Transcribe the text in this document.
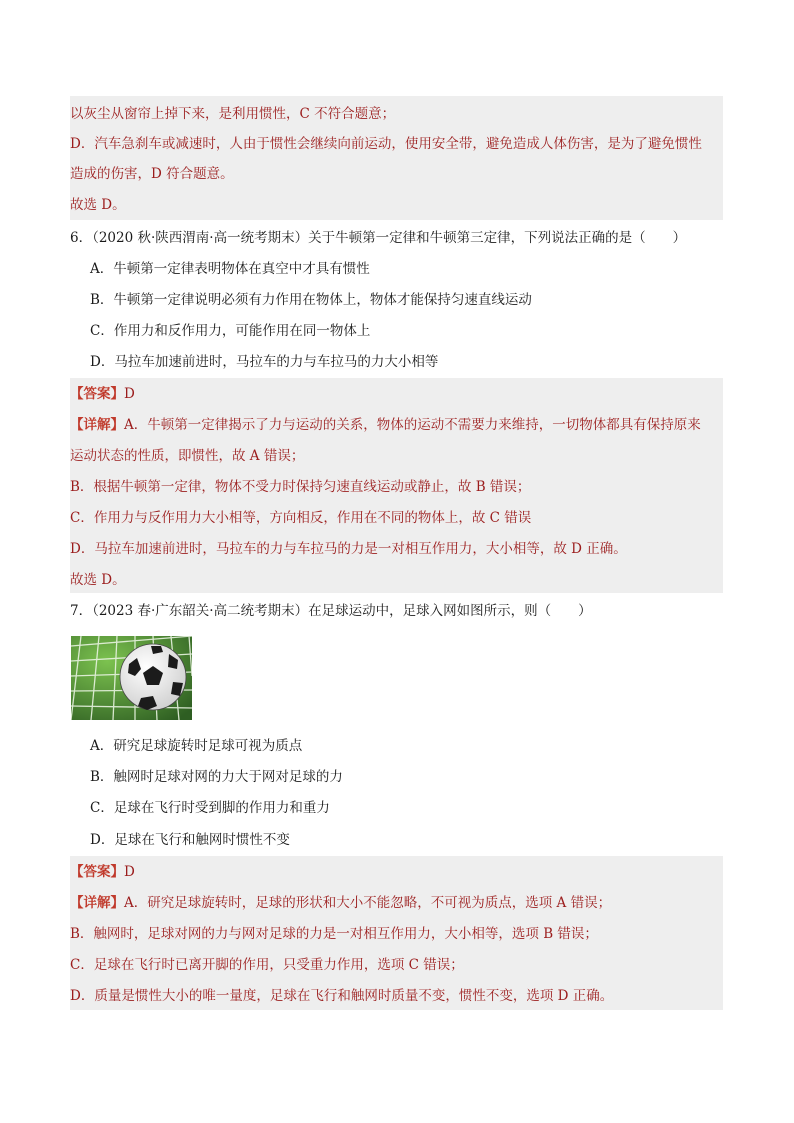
以灰尘从窗帘上掉下来，是利用惯性，C 不符合题意；
D．汽车急刹车或减速时，人由于惯性会继续向前运动，使用安全带，避免造成人体伤害，是为了避免惯性
造成的伤害，D 符合题意。
故选 D。
6．（2020 秋·陕西渭南·高一统考期末）关于牛顿第一定律和牛顿第三定律，下列说法正确的是（　　）
A．牛顿第一定律表明物体在真空中才具有惯性
B．牛顿第一定律说明必须有力作用在物体上，物体才能保持匀速直线运动
C．作用力和反作用力，可能作用在同一物体上
D．马拉车加速前进时，马拉车的力与车拉马的力大小相等
【答案】D
【详解】A．牛顿第一定律揭示了力与运动的关系，物体的运动不需要力来维持，一切物体都具有保持原来
运动状态的性质，即惯性，故 A 错误；
B．根据牛顿第一定律，物体不受力时保持匀速直线运动或静止，故 B 错误；
C．作用力与反作用力大小相等，方向相反，作用在不同的物体上，故 C 错误
D．马拉车加速前进时，马拉车的力与车拉马的力是一对相互作用力，大小相等，故 D 正确。
故选 D。
7．（2023 春·广东韶关·高二统考期末）在足球运动中，足球入网如图所示，则（　　）
A．研究足球旋转时足球可视为质点
B．触网时足球对网的力大于网对足球的力
C．足球在飞行时受到脚的作用力和重力
D．足球在飞行和触网时惯性不变
【答案】D
【详解】A．研究足球旋转时，足球的形状和大小不能忽略，不可视为质点，选项 A 错误；
B．触网时，足球对网的力与网对足球的力是一对相互作用力，大小相等，选项 B 错误；
C．足球在飞行时已离开脚的作用，只受重力作用，选项 C 错误；
D．质量是惯性大小的唯一量度，足球在飞行和触网时质量不变，惯性不变，选项 D 正确。
